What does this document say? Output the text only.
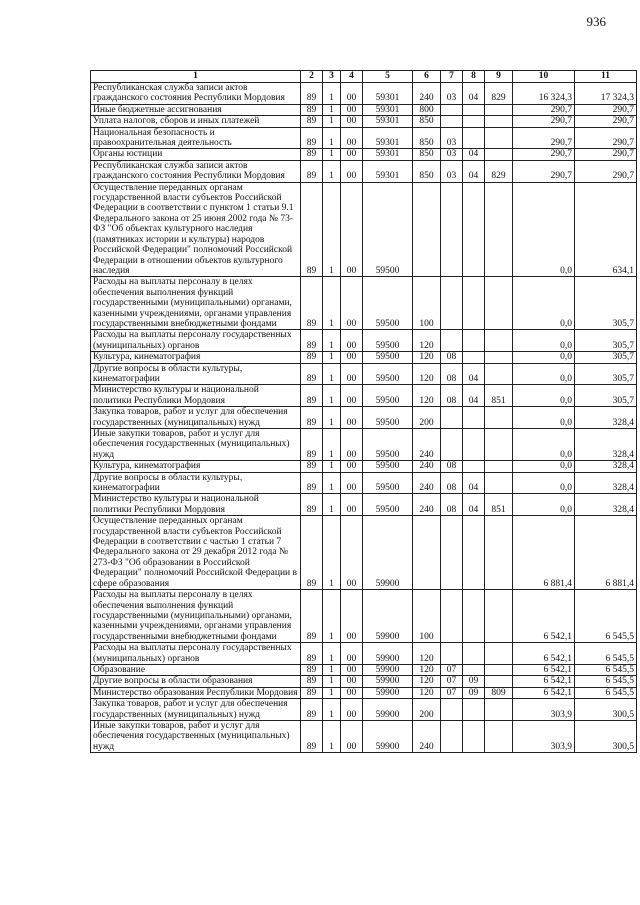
936
1	2	3	4	5	6	7	8	9	10	11
Республиканская служба записи актов гражданского состояния Республики Мордовия	89	1	00	59301	240	03	04	829	16 324,3	17 324,3
Иные бюджетные ассигнования	89	1	00	59301	800				290,7	290,7
Уплата налогов, сборов и иных платежей	89	1	00	59301	850				290,7	290,7
Национальная безопасность и правоохранительная деятельность	89	1	00	59301	850	03			290,7	290,7
Органы юстиции	89	1	00	59301	850	03	04		290,7	290,7
Республиканская служба записи актов гражданского состояния Республики Мордовия	89	1	00	59301	850	03	04	829	290,7	290,7
Осуществление переданных органам государственной власти субъектов Российской Федерации в соответствии с пунктом 1 статьи 9.1 Федерального закона от 25 июня 2002 года № 73-ФЗ "Об объектах культурного наследия (памятниках истории и культуры) народов Российской Федерации" полномочий Российской Федерации в отношении объектов культурного наследия	89	1	00	59500					0,0	634,1
Расходы на выплаты персоналу в целях обеспечения выполнения функций государственными (муниципальными) органами, казенными учреждениями, органами управления государственными внебюджетными фондами	89	1	00	59500	100				0,0	305,7
Расходы на выплаты персоналу государственных (муниципальных) органов	89	1	00	59500	120				0,0	305,7
Культура, кинематография	89	1	00	59500	120	08			0,0	305,7
Другие вопросы в области культуры, кинематографии	89	1	00	59500	120	08	04		0,0	305,7
Министерство культуры и национальной политики Республики Мордовия	89	1	00	59500	120	08	04	851	0,0	305,7
Закупка товаров, работ и услуг для обеспечения государственных (муниципальных) нужд	89	1	00	59500	200				0,0	328,4
Иные закупки товаров, работ и услуг для обеспечения государственных (муниципальных) нужд	89	1	00	59500	240				0,0	328,4
Культура, кинематография	89	1	00	59500	240	08			0,0	328,4
Другие вопросы в области культуры, кинематографии	89	1	00	59500	240	08	04		0,0	328,4
Министерство культуры и национальной политики Республики Мордовия	89	1	00	59500	240	08	04	851	0,0	328,4
Осуществление переданных органам государственной власти субъектов Российской Федерации в соответствии с частью 1 статьи 7 Федерального закона от 29 декабря 2012 года № 273-ФЗ "Об образовании в Российской Федерации" полномочий Российской Федерации в сфере образования	89	1	00	59900					6 881,4	6 881,4
Расходы на выплаты персоналу в целях обеспечения выполнения функций государственными (муниципальными) органами, казенными учреждениями, органами управления государственными внебюджетными фондами	89	1	00	59900	100				6 542,1	6 545,5
Расходы на выплаты персоналу государственных (муниципальных) органов	89	1	00	59900	120				6 542,1	6 545,5
Образование	89	1	00	59900	120	07			6 542,1	6 545,5
Другие вопросы в области образования	89	1	00	59900	120	07	09		6 542,1	6 545,5
Министерство образования Республики Мордовия	89	1	00	59900	120	07	09	809	6 542,1	6 545,5
Закупка товаров, работ и услуг для обеспечения государственных (муниципальных) нужд	89	1	00	59900	200				303,9	300,5
Иные закупки товаров, работ и услуг для обеспечения государственных (муниципальных) нужд	89	1	00	59900	240				303,9	300,5
